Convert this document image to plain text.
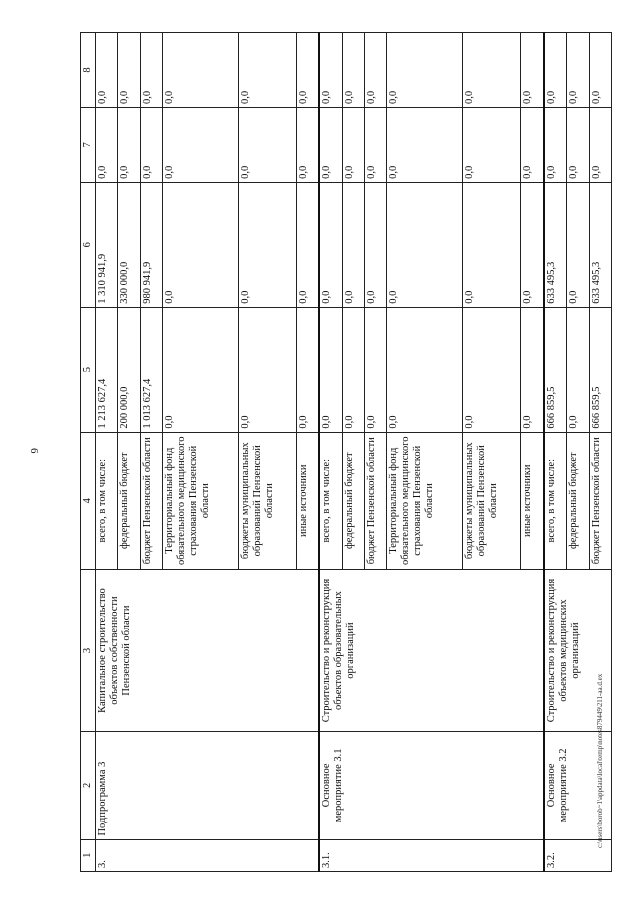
6
c:\users\borob~1\appdata\local\temp\notes879449\211-aa.d.ex
1	2	3	4	5	6	7	8
3.	Подпрограмма 3	Капитальное строительство объектов собственности Пензенской области	всего, в том числе:	1 213 627,4	1 310 941,9	0,0	0,0
			федеральный бюджет	200 000,0	330 000,0	0,0	0,0
			бюджет Пензенской области	1 013 627,4	980 941,9	0,0	0,0
			Территориальный фонд обязательного медицинского страхования Пензенской области	0,0	0,0	0,0	0,0
			бюджеты муниципальных образований Пензенской области	0,0	0,0	0,0	0,0
			иные источники	0,0	0,0	0,0	0,0
3.1.	Основное мероприятие 3.1	Строительство и реконструкция объектов образовательных организаций	всего, в том числе:	0,0	0,0	0,0	0,0
			федеральный бюджет	0,0	0,0	0,0	0,0
			бюджет Пензенской области	0,0	0,0	0,0	0,0
			Территориальный фонд обязательного медицинского страхования Пензенской области	0,0	0,0	0,0	0,0
			бюджеты муниципальных образований Пензенской области	0,0	0,0	0,0	0,0
			иные источники	0,0	0,0	0,0	0,0
3.2.	Основное мероприятие 3.2	Строительство и реконструкция объектов медицинских организаций	всего, в том числе:	666 859,5	633 495,3	0,0	0,0
			федеральный бюджет	0,0	0,0	0,0	0,0
			бюджет Пензенской области	666 859,5	633 495,3	0,0	0,0
